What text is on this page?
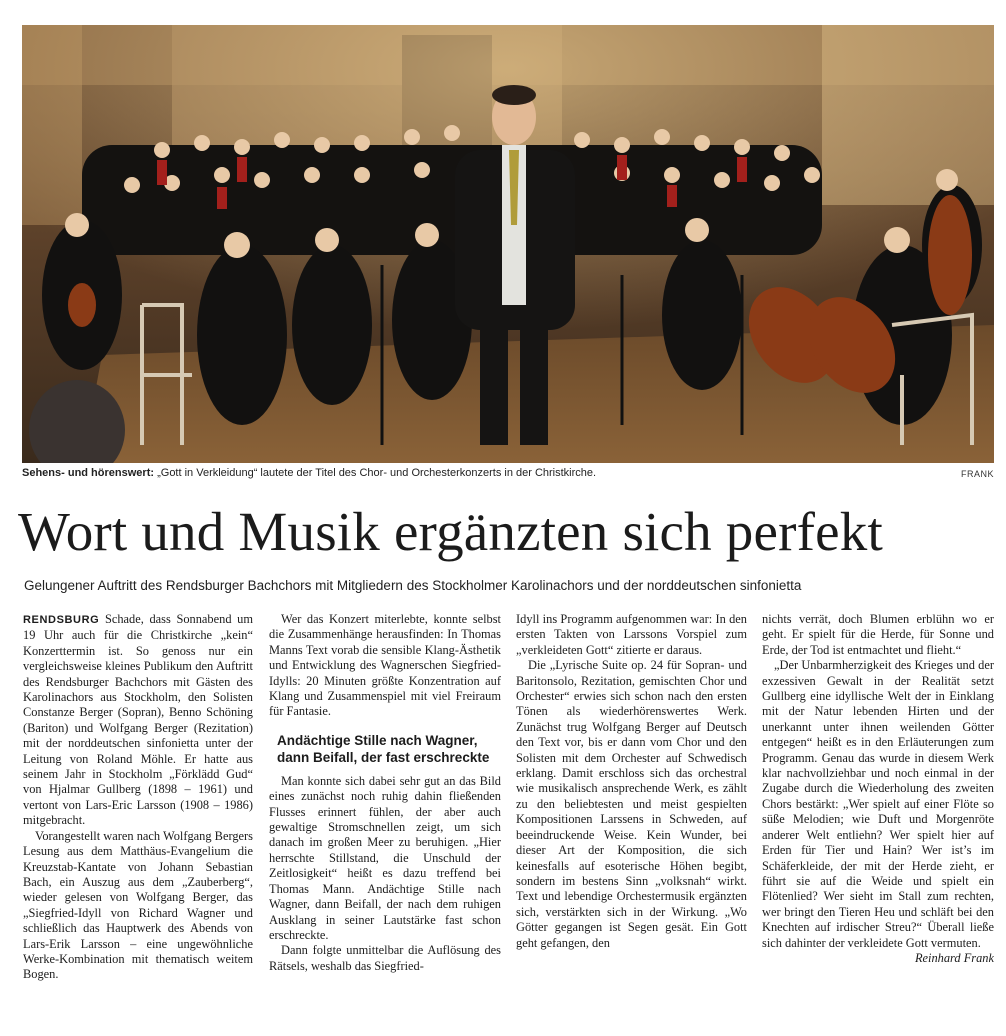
Sehens- und hörenswert: „Gott in Verkleidung“ lautete der Titel des Chor- und Orchesterkonzerts in der Christkirche.	FRANK
Wort und Musik ergänzten sich perfekt
Gelungener Auftritt des Rendsburger Bachchors mit Mitgliedern des Stockholmer Karolinachors und der norddeutschen sinfonietta

RENDSBURG Schade, dass Sonnabend um 19 Uhr auch für die Christkirche „kein“ Konzerttermin ist. So genoss nur ein vergleichsweise kleines Publikum den Auftritt des Rendsburger Bachchors mit Gästen des Karolinachors aus Stockholm, den Solisten Constanze Berger (Sopran), Benno Schöning (Bariton) und Wolfgang Berger (Rezitation) mit der norddeutschen sinfonietta unter der Leitung von Roland Möhle. Er hatte aus seinem Jahr in Stockholm „Förklädd Gud“ von Hjalmar Gullberg (1898 – 1961) und vertont von Lars-Eric Larsson (1908 – 1986) mitgebracht.

Vorangestellt waren nach Wolfgang Bergers Lesung aus dem Matthäus-Evangelium die Kreuzstab-Kantate von Johann Sebastian Bach, ein Auszug aus dem „Zauberberg“, wieder gelesen von Wolfgang Berger, das „Siegfried-Idyll von Richard Wagner und schließlich das Hauptwerk des Abends von Lars-Erik Larsson – eine ungewöhnliche Werke-Kombination mit thematisch weitem Bogen.

Wer das Konzert miterlebte, konnte selbst die Zusammenhänge herausfinden: In Thomas Manns Text vorab die sensible Klang-Ästhetik und Entwicklung des Wagnerschen Siegfried-Idylls: 20 Minuten größte Konzentration auf Klang und Zusammenspiel mit viel Freiraum für Fantasie.

Andächtige Stille nach Wagner, dann Beifall, der fast erschreckte

Man konnte sich dabei sehr gut an das Bild eines zunächst noch ruhig dahin fließenden Flusses erinnert fühlen, der aber auch gewaltige Stromschnellen zeigt, um sich danach im großen Meer zu beruhigen. „Hier herrschte Stillstand, die Unschuld der Zeitlosigkeit“ heißt es dazu treffend bei Thomas Mann. Andächtige Stille nach Wagner, dann Beifall, der nach dem ruhigen Ausklang in seiner Lautstärke fast schon erschreckte.

Dann folgte unmittelbar die Auflösung des Rätsels, weshalb das Siegfried-

Idyll ins Programm aufgenommen war: In den ersten Takten von Larssons Vorspiel zum „verkleideten Gott“ zitierte er daraus.

Die „Lyrische Suite op. 24 für Sopran- und Baritonsolo, Rezitation, gemischten Chor und Orchester“ erwies sich schon nach den ersten Tönen als wiederhörenswertes Werk. Zunächst trug Wolfgang Berger auf Deutsch den Text vor, bis er dann vom Chor und den Solisten mit dem Orchester auf Schwedisch erklang. Damit erschloss sich das orchestral wie musikalisch ansprechende Werk, es zählt zu den beliebtesten und meist gespielten Kompositionen Larssens in Schweden, auf beeindruckende Weise. Kein Wunder, bei dieser Art der Komposition, die sich keinesfalls auf esoterische Höhen begibt, sondern im bestens Sinn „volksnah“ wirkt. Text und lebendige Orchestermusik ergänzten sich, verstärkten sich in der Wirkung. „Wo Götter gegangen ist Segen gesät. Ein Gott geht gefangen, den

nichts verrät, doch Blumen erblühn wo er geht. Er spielt für die Herde, für Sonne und Erde, der Tod ist entmachtet und flieht.“

„Der Unbarmherzigkeit des Krieges und der exzessiven Gewalt in der Realität setzt Gullberg eine idyllische Welt der in Einklang mit der Natur lebenden Hirten und der unerkannt unter ihnen weilenden Götter entgegen“ heißt es in den Erläuterungen zum Programm. Genau das wurde in diesem Werk klar nachvollziehbar und noch einmal in der Zugabe durch die Wiederholung des zweiten Chors bestärkt: „Wer spielt auf einer Flöte so süße Melodien; wie Duft und Morgenröte anderer Welt entliehn? Wer spielt hier auf Erden für Tier und Hain? Wer ist’s im Schäferkleide, der mit der Herde zieht, er führt sie auf die Weide und spielt ein Flötenlied? Wer sieht im Stall zum rechten, wer bringt den Tieren Heu und schläft bei den Knechten auf irdischer Streu?“ Überall ließe sich dahinter der verkleidete Gott vermuten.
Reinhard Frank
